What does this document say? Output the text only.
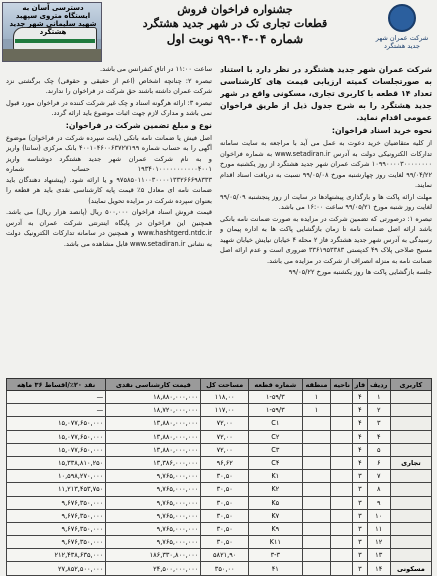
دسترسی آسان به ایستگاه متروی سپهبد شهید سلیمانی شهر جدید هشتگرد
جشنواره فراخوان فروش
قطعات تجاری تک در شهر جدید هشتگرد
شماره ۰۴-۰۴-۹۹ نوبت اول	شرکت عمران شهر جدید هشتگرد

شرکت عمران شهر جدید هشتگرد در نظر دارد با استناد به صورتجلسات کمیته ارزیابی قیمت های کارشناسی تعداد ۱۴ قطعه با کاربری تجاری، مسکونی واقع در شهر جدید هشتگرد را به شرح جدول ذیل از طریق فراخوان عمومی اقدام نماید.

نحوه خرید اسناد فراخوان:

از کلیه متقاضیان خرید دعوت به عمل می آید با مراجعه به سایت سامانه تدارکات الکترونیکی دولت به آدرس www.setadiran.ir به شماره فراخوان ۱۰۹۹۰۰۰۰۳۰۰۰۰۰۰۰۰ شرکت عمران شهر جدید هشتگرد از روز یکشنبه مورخ ۹۹/۰۴/۲۲ لغایت روز چهارشنبه مورخ ۹۹/۰۵/۰۸ نسبت به دریافت اسناد اقدام نمایند.

مهلت ارائه پاکت ها و بارگذاری پیشنهادها در سایت از روز پنجشنبه ۹۹/۰۵/۰۹ لغایت روز شنبه مورخ ۹۹/۰۵/۲۱ ساعت ۱۶:۰۰ می باشد.

تبصره ۱: درصورتی که تضمین شرکت در مزایده به صورت ضمانت نامه بانکی باشد ارائه اصل ضمانت نامه تا زمان بازگشایی پاکت ها به اداره پیمان و رسیدگی به آدرس شهر جدید هشتگرد فاز ۲ محله ۴ خیابان نیایش خیابان شهید مسیح صلاحی پلاک ۴۹ کدپستی ۳۳۶۱۹۵۳۳۸۳ ضروری است و عدم ارائه اصل ضمانت نامه به منزله انصراف از شرکت در مزایده می باشد.

جلسه بازگشایی پاکت ها روز یکشنبه مورخ ۹۹/۰۵/۲۲

ساعت ۱۱:۰۰ در اتاق کنفرانس می باشد.

تبصره ۲: چنانچه اشخاص (اعم از حقیقی و حقوقی) چک برگشتی نزد شرکت عمران داشته باشند حق شرکت در فراخوان را ندارند.

تبصره ۳: ارائه هرگونه اسناد و چک غیر شرکت کننده در فراخوان مورد قبول نمی باشد و مدارک لازم جهت اثبات موضوع باید ارائه گردد.

نوع و مبلغ تضمین شرکت در فراخوان:

اصل فیش یا ضمانت نامه بانکی (بابت سپرده شرکت در فراخوان) موضوع آگهی را به حساب شماره ۴۰۰۱۰۴۶۰۰۶۳۷۲۷۱۹۹ بانک مرکزی (سانتا) واریز و به نام شرکت عمران شهر جدید هشتگرد دوشناسه واریز ۱۹۳۴۰۱۰۰۰۰۰۰۰۰۰۰۰۴۰۰۱ حساب شماره ۹۷۵۸۵۰۱۱۰۰۳۰۰۰۰۱۳۳۲۶۶۶۹۸۳۳۳ و یا ارائه شود. (پیشنهاد دهندگان باید ضمانت نامه ای معادل ۵٪ قیمت پایه کارشناسی نقدی باید هر قطعه را بعنوان سپرده شرکت در مزایده تحویل نمایند)

قیمت فروش اسناد فراخوان ۵۰۰,۰۰۰ ریال (پانصد هزار ریال) می باشد. همچنین این فراخوان در پایگاه اینترنتی شرکت عمران به آدرس www.hashtgerd.ntdc.ir و همچنین در سامانه تدارکات الکترونیک دولت به نشانی www.setadiran.ir قابل مشاهده می باشد.

کاربری	ردیف	فاز	ناحیه	منطقه	شماره قطعه	مساحت کل	قیمت کارشناسی نقدی	نقد ۲۰٪/اقساط ۳۶ ماهه
	۱	۴		۱	۱-۵۹/۳	۱۱۸,۰۰	۱۸,۸۸۰,۰۰۰,۰۰۰	—
	۲	۴		۱	۱-۵۹/۳	۱۱۷,۰۰	۱۸,۷۲۰,۰۰۰,۰۰۰	—
	۳	۴			C۱	۷۲,۰۰	۱۳,۸۸۰,۰۰۰,۰۰۰	۱۵,۰۷۷,۶۵۰,۰۰۰
	۴	۴			C۲	۷۲,۰۰	۱۳,۸۸۰,۰۰۰,۰۰۰	۱۵,۰۷۷,۶۵۰,۰۰۰
	۵	۴			C۳	۷۲,۰۰	۱۳,۸۸۰,۰۰۰,۰۰۰	۱۵,۰۷۷,۶۵۰,۰۰۰
تجاری	۶	۴			C۴	۹۶,۶۲	۱۳,۳۸۶,۰۰۰,۰۰۰	۱۵,۳۳۸,۸۱۰,۲۵۰
	۷	۳			K۱	۳۰,۵۰	۹,۷۶۵,۰۰۰,۰۰۰	۱۰,۵۹۸,۲۷۰,۰۰۰
	۸	۳			K۲	۳۰,۵۰	۹,۷۶۵,۰۰۰,۰۰۰	۱۱,۲۱۳,۴۵۳,۷۵۰
	۹	۳			K۵	۳۰,۵۰	۹,۷۶۵,۰۰۰,۰۰۰	۹,۶۷۶,۳۵۰,۰۰۰
	۱۰	۳			K۷	۳۰,۵۰	۹,۷۶۵,۰۰۰,۰۰۰	۹,۶۷۶,۳۵۰,۰۰۰
	۱۱	۳			K۹	۳۰,۵۰	۹,۷۶۵,۰۰۰,۰۰۰	۹,۶۷۶,۳۵۰,۰۰۰
	۱۲	۳			K۱۱	۳۰,۵۰	۹,۷۶۵,۰۰۰,۰۰۰	۹,۶۷۶,۳۵۰,۰۰۰
	۱۳	۳			۳-۳	۵۸۲۱,۹۰	۱۸۶,۳۳۰,۸۰۰,۰۰۰	۲۱۲,۴۳۸,۶۳۵,۰۰۰
مسکونی	۱۴	۳			۴۱	۳۵۰,۰۰	۲۴,۵۰۰,۰۰۰,۰۰۰	۲۷,۸۵۲,۵۰۰,۰۰۰
